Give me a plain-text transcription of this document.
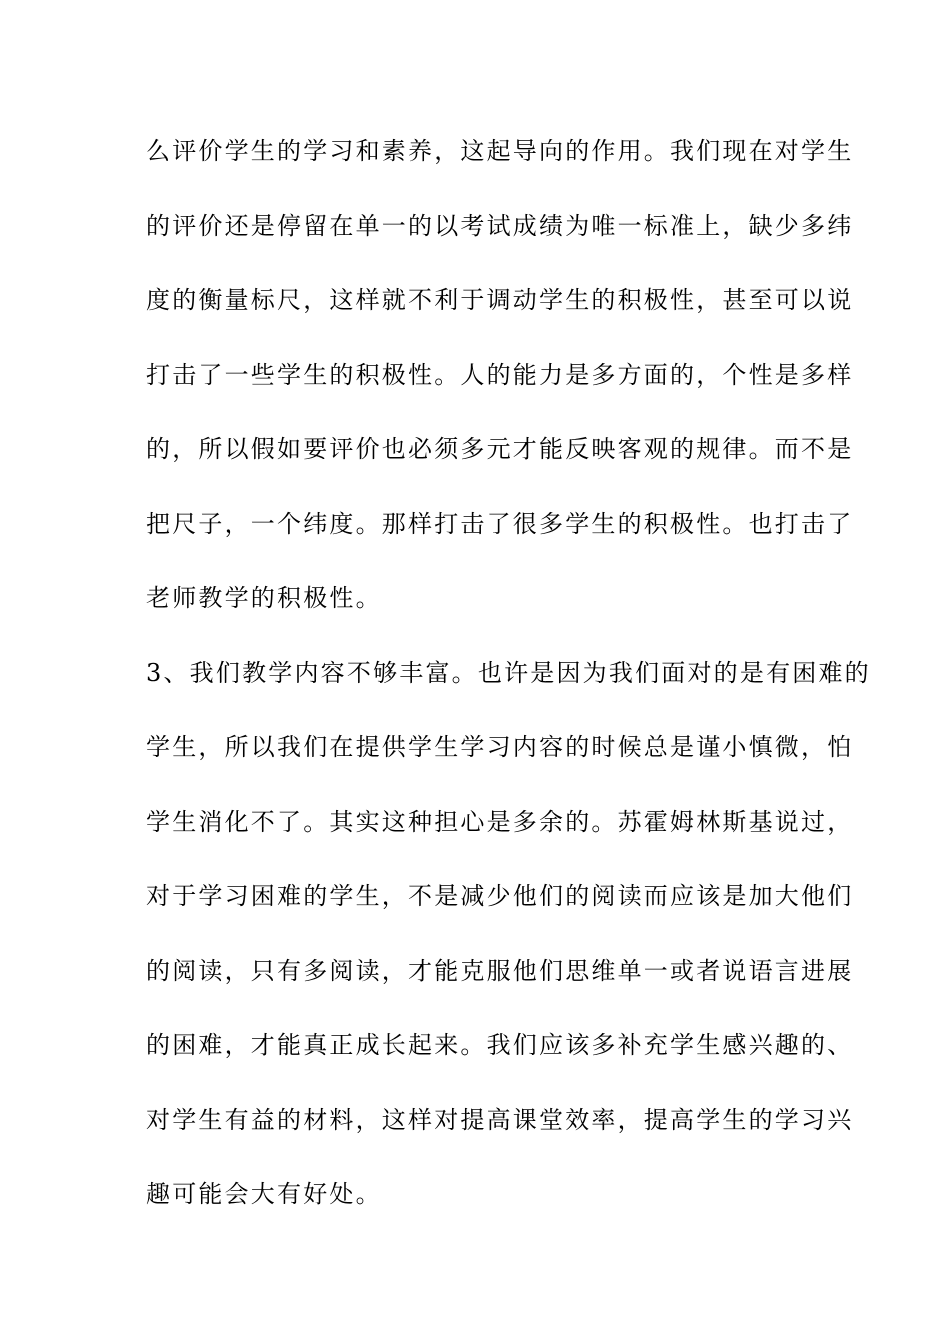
么评价学生的学习和素养，这起导向的作用。我们现在对学生
的评价还是停留在单一的以考试成绩为唯一标准上，缺少多纬
度的衡量标尺，这样就不利于调动学生的积极性，甚至可以说
打击了一些学生的积极性。人的能力是多方面的，个性是多样
的，所以假如要评价也必须多元才能反映客观的规律。而不是
把尺子，一个纬度。那样打击了很多学生的积极性。也打击了
老师教学的积极性。
3、我们教学内容不够丰富。也许是因为我们面对的是有困难的
学生，所以我们在提供学生学习内容的时候总是谨小慎微，怕
学生消化不了。其实这种担心是多余的。苏霍姆林斯基说过，
对于学习困难的学生，不是减少他们的阅读而应该是加大他们
的阅读，只有多阅读，才能克服他们思维单一或者说语言进展
的困难，才能真正成长起来。我们应该多补充学生感兴趣的、
对学生有益的材料，这样对提高课堂效率，提高学生的学习兴
趣可能会大有好处。
